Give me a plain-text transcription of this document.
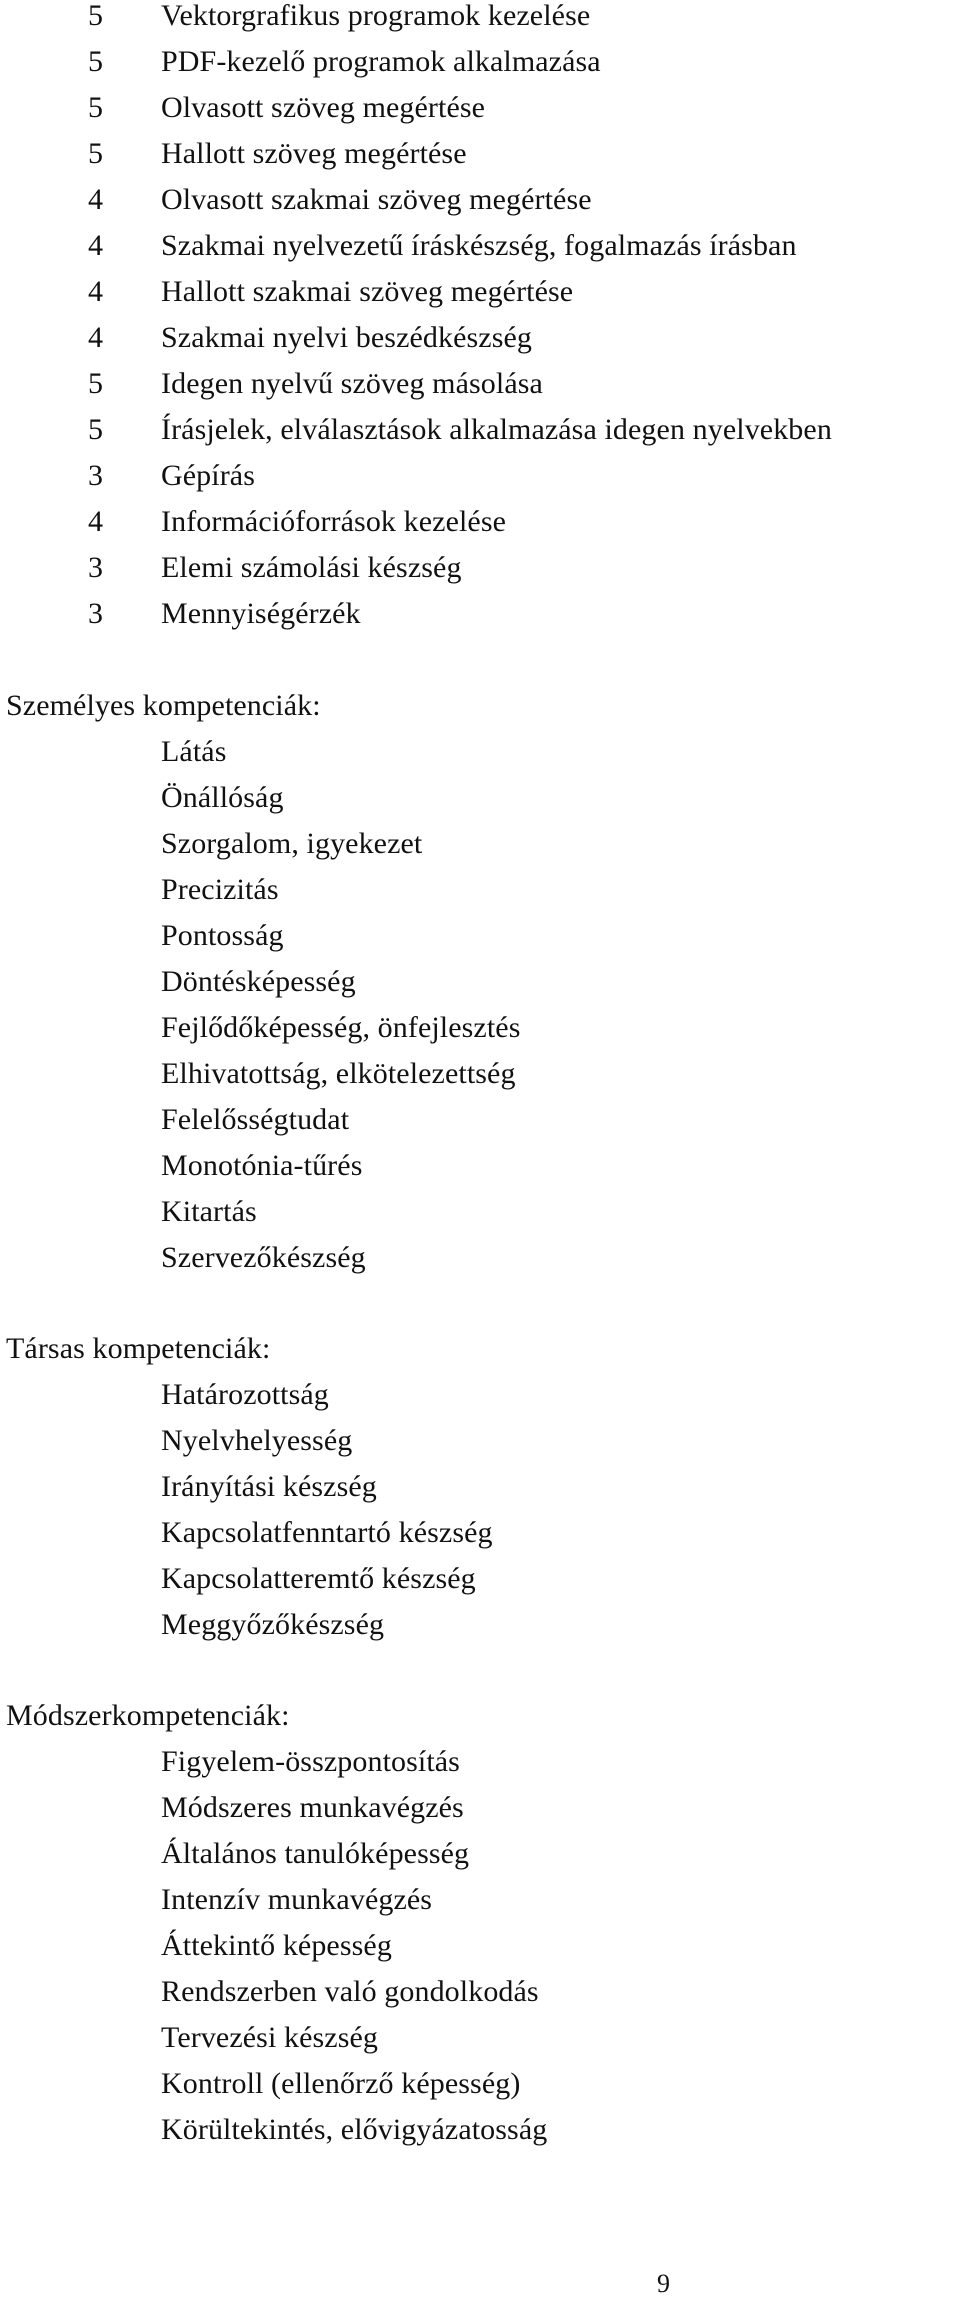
5 Vektorgrafikus programok kezelése
5 PDF-kezelő programok alkalmazása
5 Olvasott szöveg megértése
5 Hallott szöveg megértése
4 Olvasott szakmai szöveg megértése
4 Szakmai nyelvezetű íráskészség, fogalmazás írásban
4 Hallott szakmai szöveg megértése
4 Szakmai nyelvi beszédkészség
5 Idegen nyelvű szöveg másolása
5 Írásjelek, elválasztások alkalmazása idegen nyelvekben
3 Gépírás
4 Információforrások kezelése
3 Elemi számolási készség
3 Mennyiségérzék
Személyes kompetenciák:
Látás
Önállóság
Szorgalom, igyekezet
Precizitás
Pontosság
Döntésképesség
Fejlődőképesség, önfejlesztés
Elhivatottság, elkötelezettség
Felelősségtudat
Monotónia-tűrés
Kitartás
Szervezőkészség
Társas kompetenciák:
Határozottság
Nyelvhelyesség
Irányítási készség
Kapcsolatfenntartó készség
Kapcsolatteremtő készség
Meggyőzőkészség
Módszerkompetenciák:
Figyelem-összpontosítás
Módszeres munkavégzés
Általános tanulóképesség
Intenzív munkavégzés
Áttekintő képesség
Rendszerben való gondolkodás
Tervezési készség
Kontroll (ellenőrző képesség)
Körültekintés, elővigyázatosság
9
